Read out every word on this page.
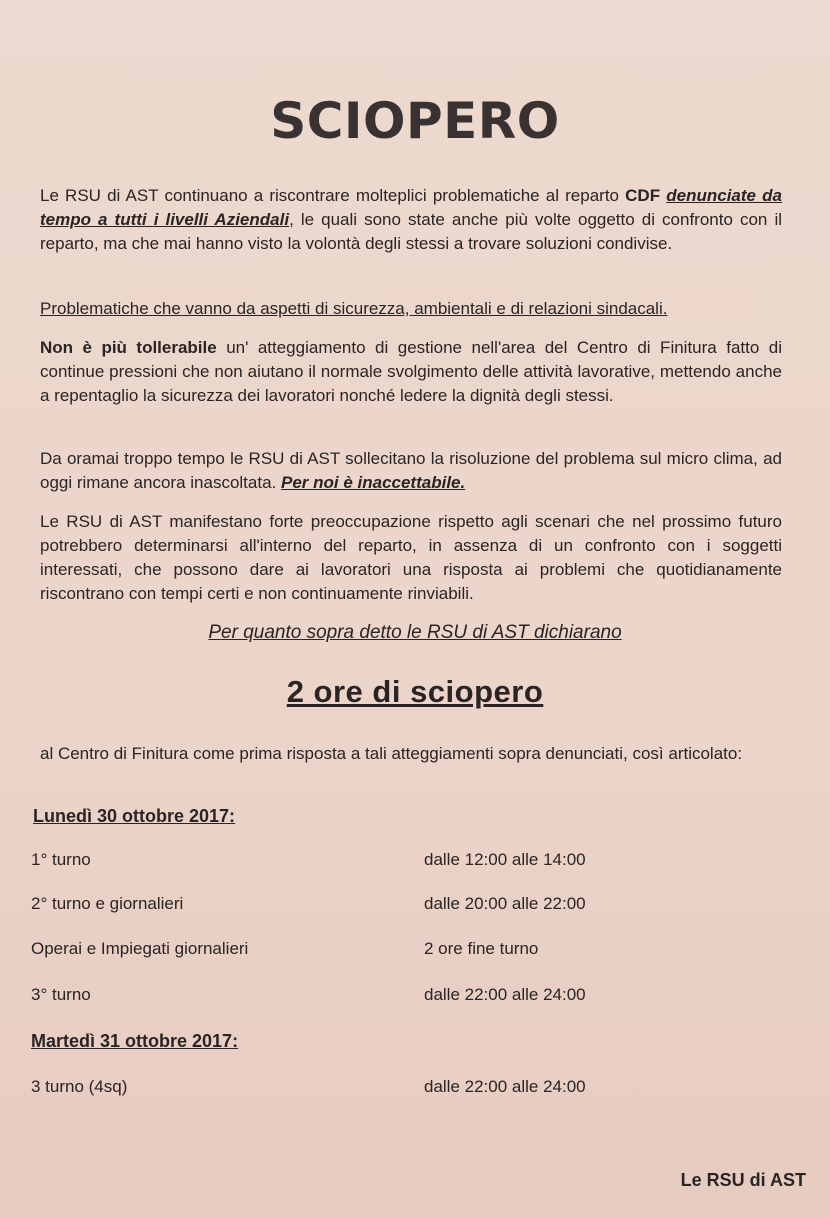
SCIOPERO
Le RSU di AST continuano a riscontrare molteplici problematiche al reparto CDF denunciate da tempo a tutti i livelli Aziendali, le quali sono state anche più volte oggetto di confronto con il reparto, ma che mai hanno visto la volontà degli stessi a trovare soluzioni condivise.
Problematiche che vanno da aspetti di sicurezza, ambientali e di relazioni sindacali.
Non è più tollerabile un' atteggiamento di gestione nell'area del Centro di Finitura fatto di continue pressioni che non aiutano il normale svolgimento delle attività lavorative, mettendo anche a repentaglio la sicurezza dei lavoratori nonché ledere la dignità degli stessi.
Da oramai troppo tempo le RSU di AST sollecitano la risoluzione del problema sul micro clima, ad oggi rimane ancora inascoltata. Per noi è inaccettabile.
Le RSU di AST manifestano forte preoccupazione rispetto agli scenari che nel prossimo futuro potrebbero determinarsi all'interno del reparto, in assenza di un confronto con i soggetti interessati, che possono dare ai lavoratori una risposta ai problemi che quotidianamente riscontrano con tempi certi e non continuamente rinviabili.
Per quanto sopra detto le RSU di AST dichiarano
2 ore di sciopero
al Centro di Finitura come prima risposta a tali atteggiamenti sopra denunciati, così articolato:
Lunedì 30 ottobre 2017:
1° turno	dalle 12:00 alle 14:00
2° turno e giornalieri	dalle 20:00 alle 22:00
Operai e Impiegati giornalieri	2 ore fine turno
3° turno	dalle 22:00 alle 24:00
Martedì 31 ottobre 2017:
3 turno (4sq)	dalle 22:00 alle 24:00
Le RSU di AST
